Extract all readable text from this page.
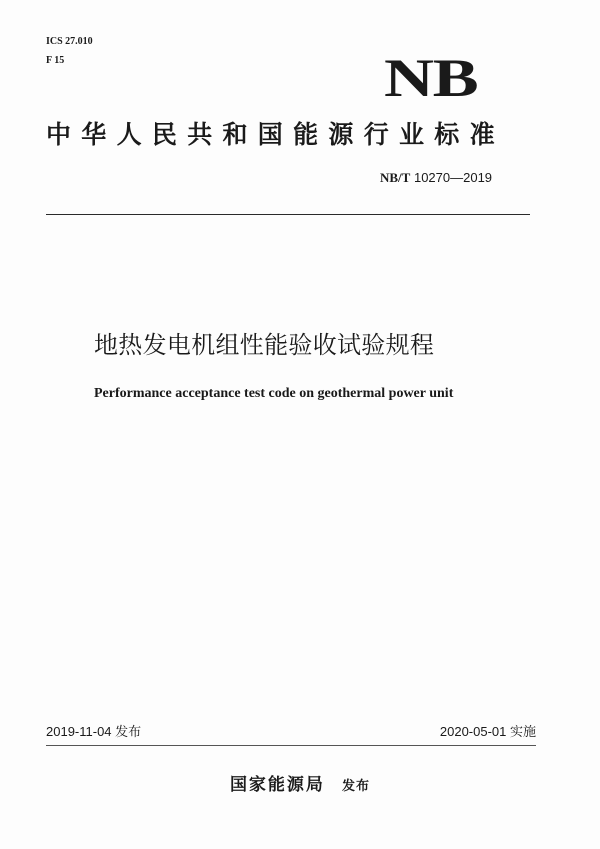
ICS 27.010
F 15	NB
中华人民共和国能源行业标准
NB/T 10270—2019
地热发电机组性能验收试验规程
Performance acceptance test code on geothermal power unit
2019-11-04 发布	2020-05-01 实施
国家能源局 发布
